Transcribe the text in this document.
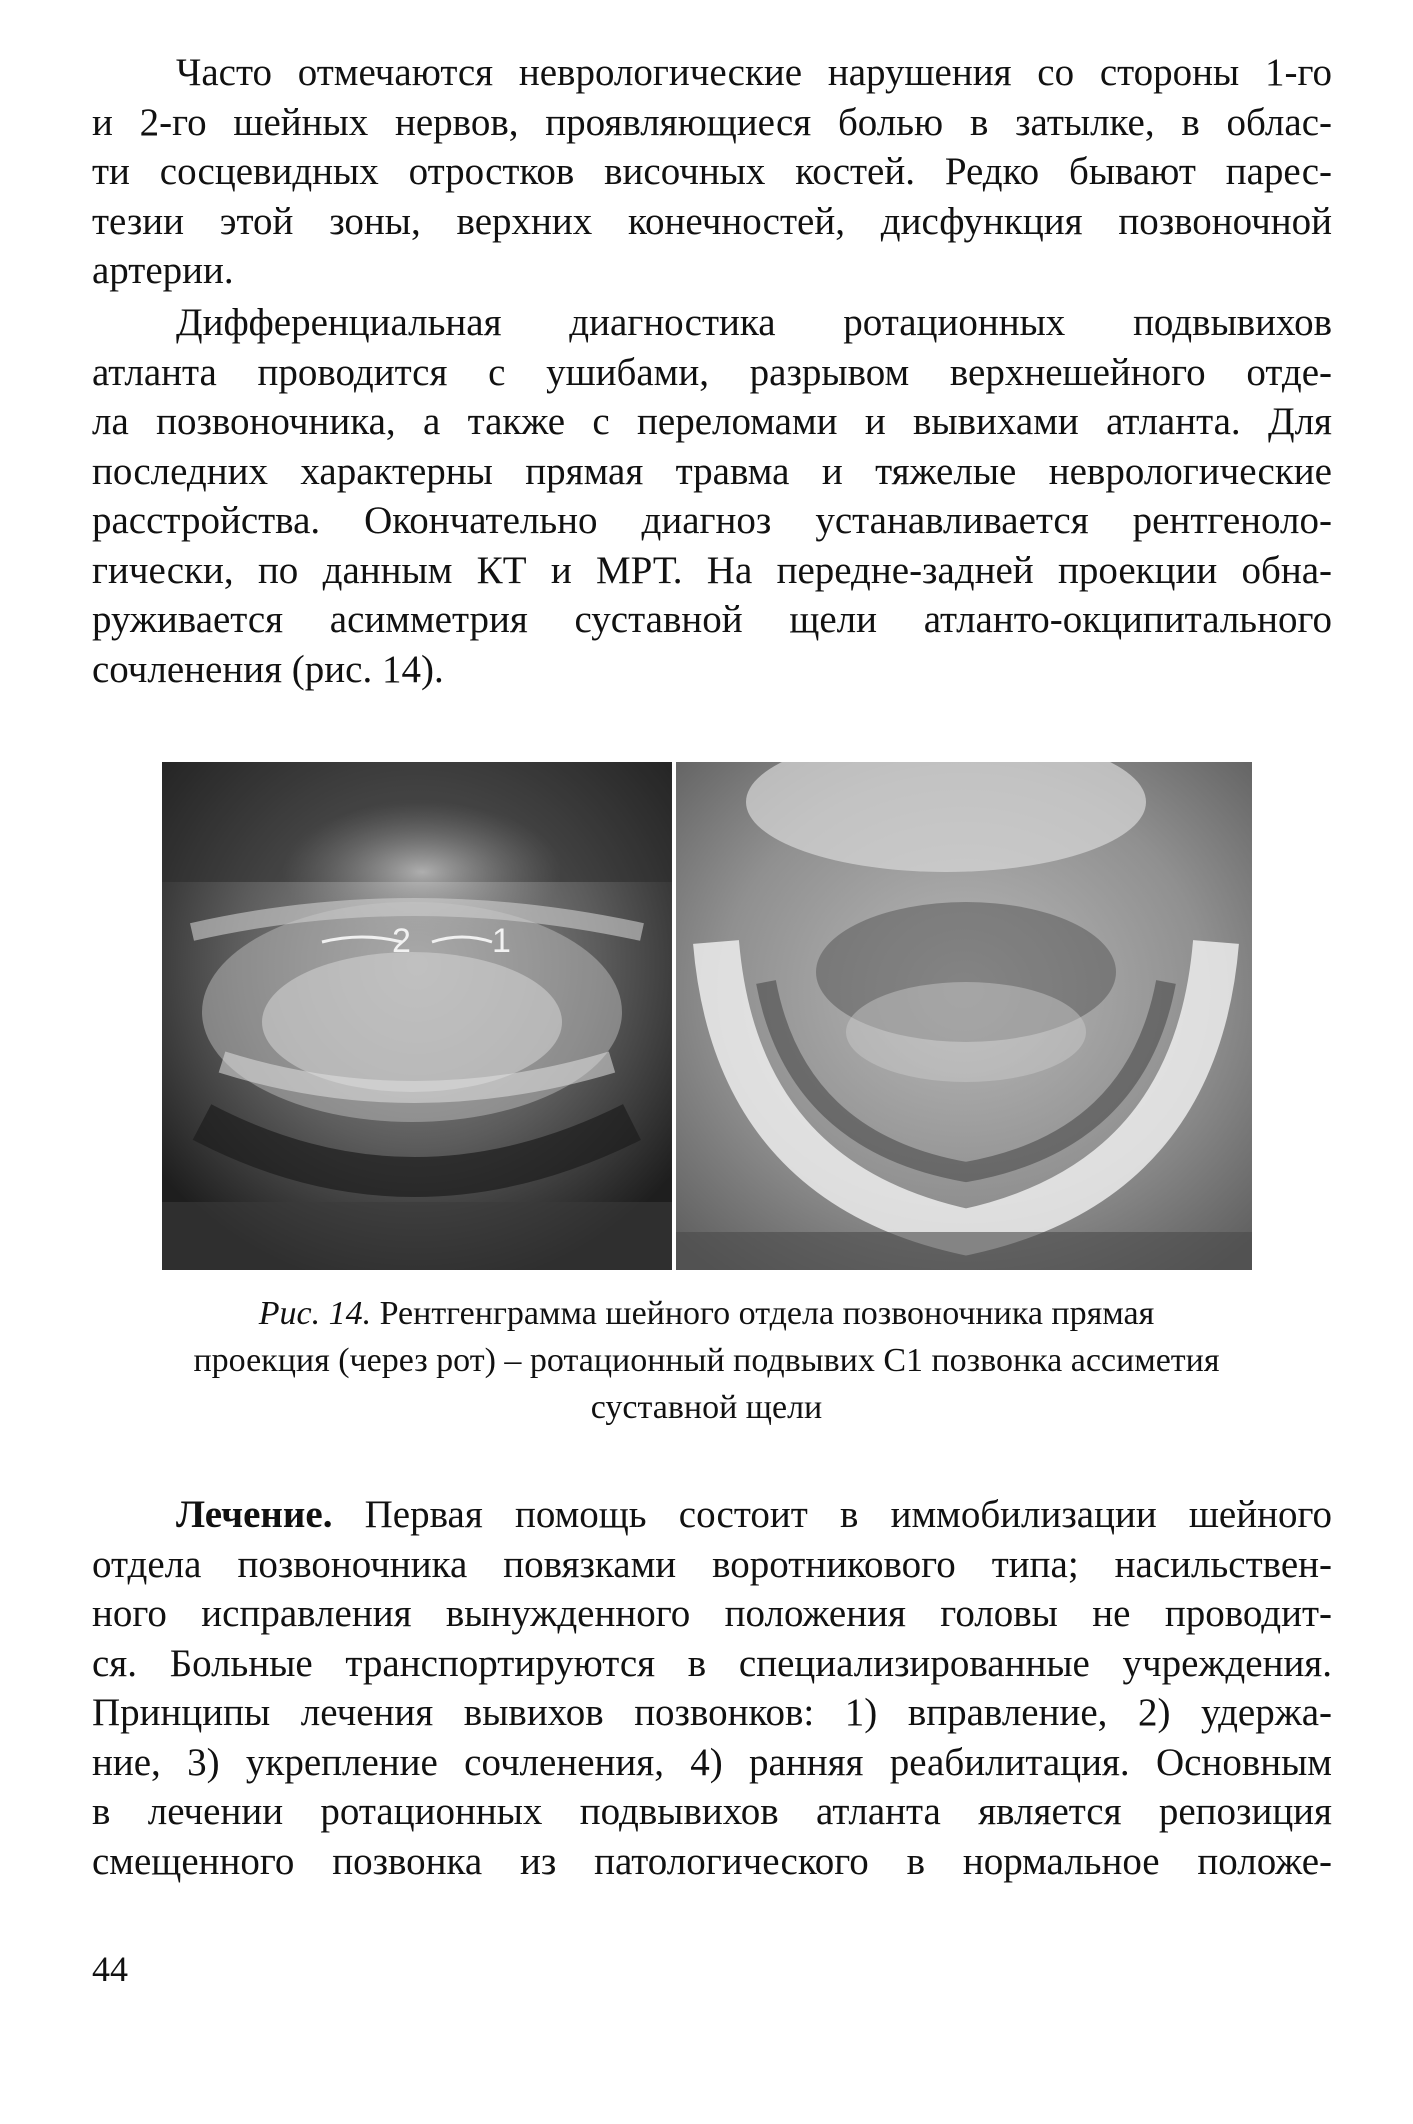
Часто отмечаются неврологические нарушения со стороны 1-го
и 2-го шейных нервов, проявляющиеся болью в затылке, в облас-
ти сосцевидных отростков височных костей. Редко бывают парес-
тезии этой зоны, верхних конечностей, дисфункция позвоночной
артерии.

Дифференциальная диагностика ротационных подвывихов
атланта проводится с ушибами, разрывом верхнешейного отде-
ла позвоночника, а также с переломами и вывихами атланта. Для
последних характерны прямая травма и тяжелые неврологические
расстройства. Окончательно диагноз устанавливается рентгеноло-
гически, по данным КТ и МРТ. На передне-задней проекции обна-
руживается асимметрия суставной щели атланто-окципитального
сочленения (рис. 14).

2 1
Рис. 14. Рентгенграмма шейного отдела позвоночника прямая
проекция (через рот) – ротационный подвывих С1 позвонка ассиметия
суставной щели

Лечение. Первая помощь состоит в иммобилизации шейного
отдела позвоночника повязками воротникового типа; насильствен-
ного исправления вынужденного положения головы не проводит-
ся. Больные транспортируются в специализированные учреждения.
Принципы лечения вывихов позвонков: 1) вправление, 2) удержа-
ние, 3) укрепление сочленения, 4) ранняя реабилитация. Основным
в лечении ротационных подвывихов атланта является репозиция
смещенного позвонка из патологического в нормальное положе-

44
